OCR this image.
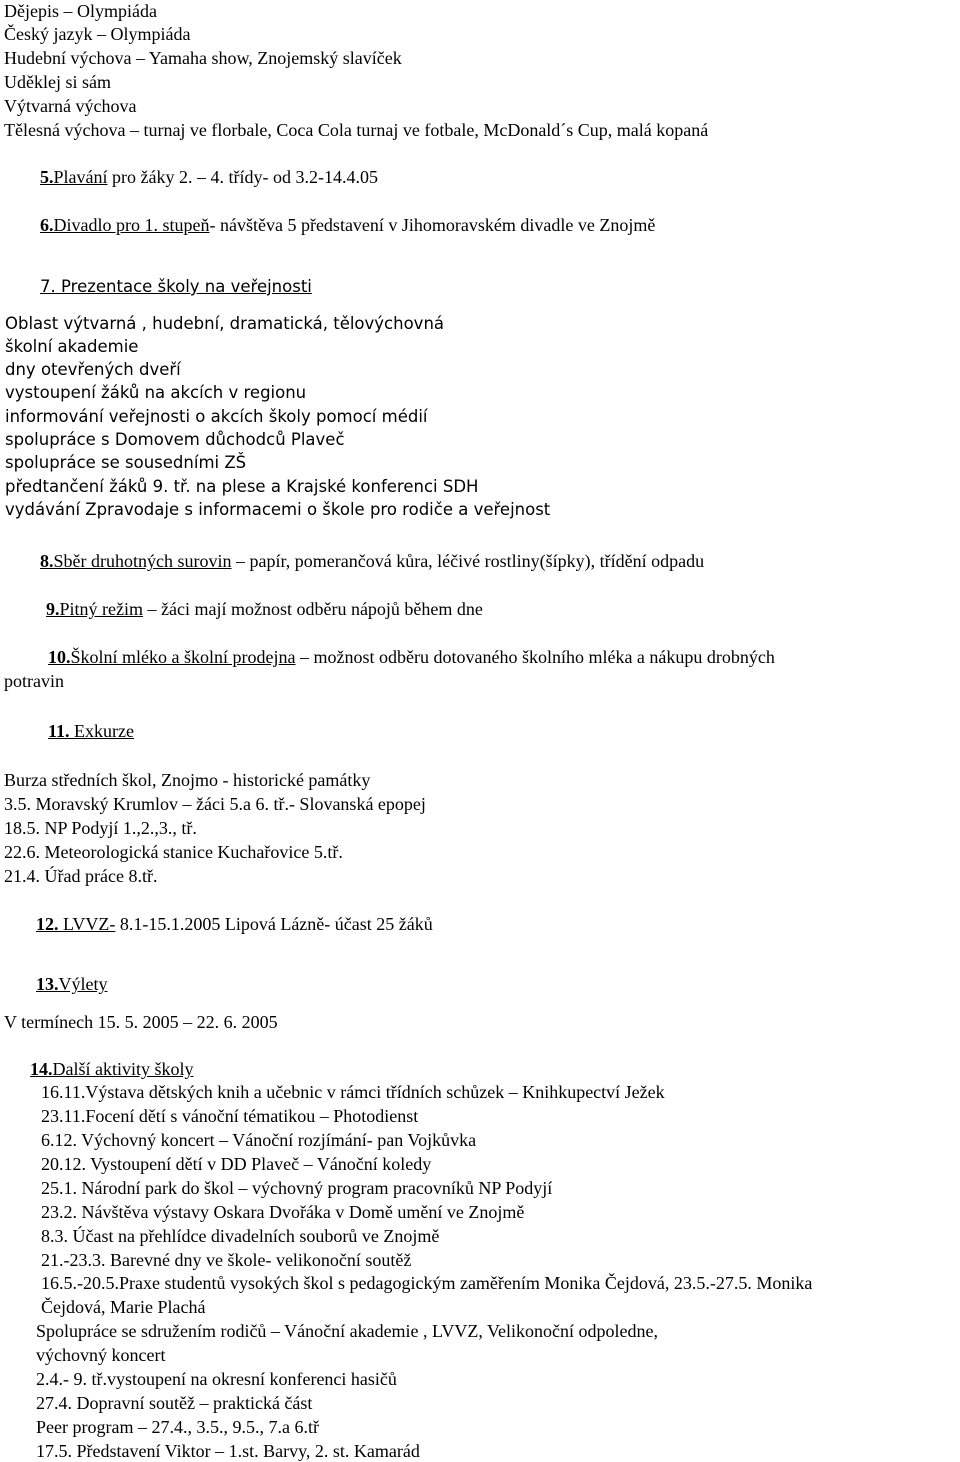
Dějepis – Olympiáda
Český jazyk – Olympiáda
Hudební výchova – Yamaha show, Znojemský slavíček
Uděklej si sám
Výtvarná výchova
Tělesná výchova – turnaj ve florbale, Coca Cola turnaj ve fotbale, McDonald´s Cup, malá kopaná
5.Plavání pro žáky 2. – 4. třídy- od 3.2-14.4.05
6.Divadlo pro 1. stupeň- návštěva 5 představení v Jihomoravském divadle ve Znojmě
7. Prezentace školy na veřejnosti
Oblast výtvarná , hudební, dramatická, tělovýchovná
školní akademie
dny otevřených dveří
vystoupení žáků na akcích v regionu
informování veřejnosti o akcích školy pomocí médií
spolupráce s Domovem důchodců Plaveč
spolupráce se sousedními ZŠ
předtančení žáků 9. tř. na plese a Krajské konferenci SDH
vydávání Zpravodaje s informacemi o škole pro rodiče a veřejnost
8.Sběr druhotných surovin – papír, pomerančová kůra, léčivé rostliny(šípky), třídění odpadu
9.Pitný režim – žáci mají možnost odběru nápojů během dne
10.Školní mléko a školní prodejna – možnost odběru dotovaného školního mléka a nákupu drobných
potravin
11. Exkurze
Burza středních škol, Znojmo - historické památky
3.5. Moravský Krumlov – žáci 5.a 6. tř.- Slovanská epopej
18.5. NP Podyjí 1.,2.,3., tř.
22.6. Meteorologická stanice Kuchařovice 5.tř.
21.4. Úřad práce 8.tř.
12. LVVZ- 8.1-15.1.2005 Lipová Lázně- účast 25 žáků
13.Výlety
V termínech 15. 5. 2005 – 22. 6. 2005
14.Další aktivity školy
16.11.Výstava dětských knih a učebnic v rámci třídních schůzek – Knihkupectví Ježek
23.11.Focení dětí s vánoční tématikou – Photodienst
6.12. Výchovný koncert – Vánoční rozjímání- pan Vojkůvka
20.12. Vystoupení dětí v DD Plaveč – Vánoční koledy
25.1. Národní park do škol – výchovný program pracovníků NP Podyjí
23.2. Návštěva výstavy Oskara Dvořáka v Domě umění ve Znojmě
8.3. Účast na přehlídce divadelních souborů ve Znojmě
21.-23.3. Barevné dny ve škole- velikonoční soutěž
16.5.-20.5.Praxe studentů vysokých škol s pedagogickým zaměřením Monika Čejdová, 23.5.-27.5. Monika
Čejdová, Marie Plachá
Spolupráce se sdružením rodičů – Vánoční akademie , LVVZ, Velikonoční odpoledne,
výchovný koncert
2.4.- 9. tř.vystoupení na okresní konferenci hasičů
27.4. Dopravní soutěž – praktická část
Peer program – 27.4., 3.5., 9.5., 7.a 6.tř
17.5. Představení Viktor – 1.st. Barvy, 2. st. Kamarád
